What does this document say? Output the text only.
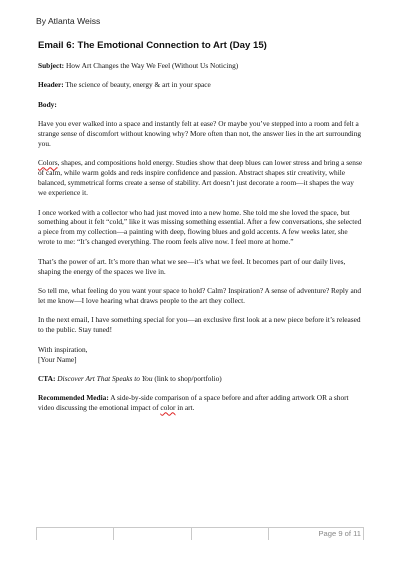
By Atlanta Weiss
Email 6: The Emotional Connection to Art (Day 15)

Subject: How Art Changes the Way We Feel (Without Us Noticing)

Header: The science of beauty, energy & art in your space

Body:

Have you ever walked into a space and instantly felt at ease? Or maybe you’ve stepped into a room and felt a strange sense of discomfort without knowing why? More often than not, the answer lies in the art surrounding you.

Colors, shapes, and compositions hold energy. Studies show that deep blues can lower stress and bring a sense of calm, while warm golds and reds inspire confidence and passion. Abstract shapes stir creativity, while balanced, symmetrical forms create a sense of stability. Art doesn’t just decorate a room—it shapes the way we experience it.

I once worked with a collector who had just moved into a new home. She told me she loved the space, but something about it felt “cold,” like it was missing something essential. After a few conversations, she selected a piece from my collection—a painting with deep, flowing blues and gold accents. A few weeks later, she wrote to me: “It’s changed everything. The room feels alive now. I feel more at home.”

That’s the power of art. It’s more than what we see—it’s what we feel. It becomes part of our daily lives, shaping the energy of the spaces we live in.

So tell me, what feeling do you want your space to hold? Calm? Inspiration? A sense of adventure? Reply and let me know—I love hearing what draws people to the art they collect.

In the next email, I have something special for you—an exclusive first look at a new piece before it’s released to the public. Stay tuned!

With inspiration,
[Your Name]

CTA: Discover Art That Speaks to You (link to shop/portfolio)

Recommended Media: A side-by-side comparison of a space before and after adding artwork OR a short video discussing the emotional impact of color in art.

Page 9 of 11
